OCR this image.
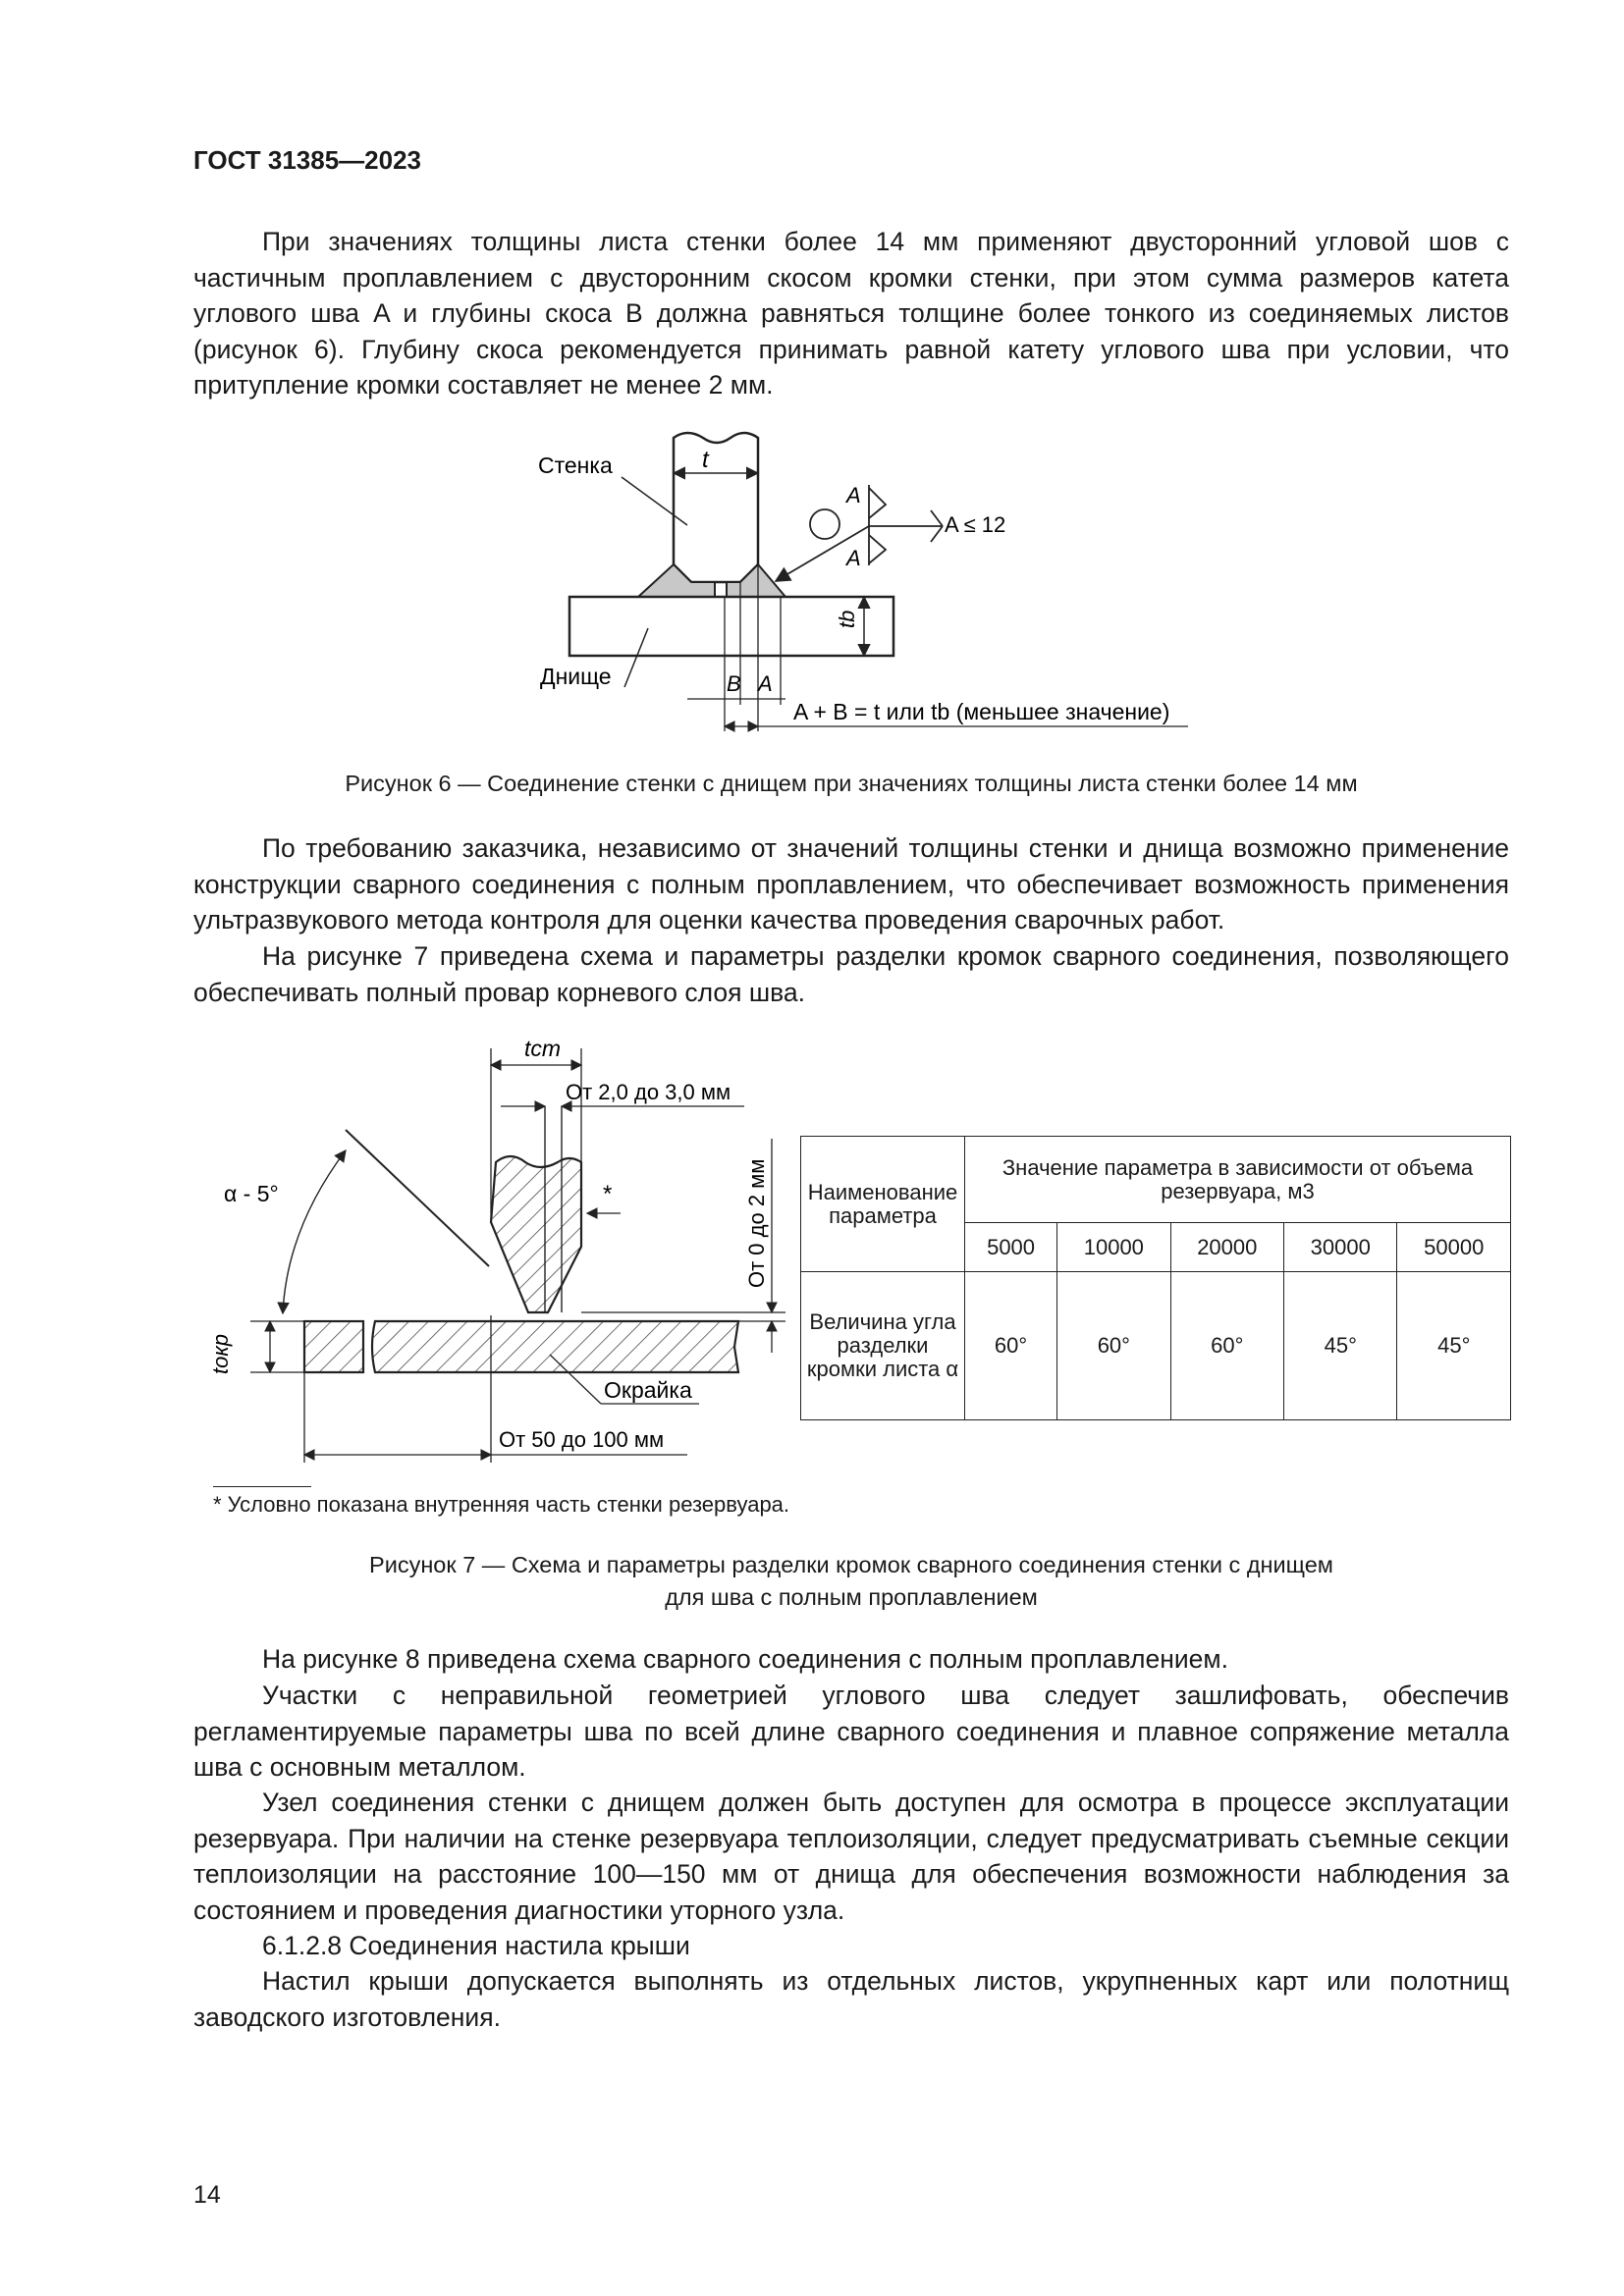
ГОСТ 31385—2023

При значениях толщины листа стенки более 14 мм применяют двусторонний угловой шов с частичным проплавлением с двусторонним скосом кромки стенки, при этом сумма размеров катета углового шва A и глубины скоса B должна равняться толщине более тонкого из соединяемых листов (рисунок 6). Глубину скоса рекомендуется принимать равной катету углового шва при условии, что притупление кромки составляет не менее 2 мм.

t
tb
Стенка
Днище
A
A
A ≤ 12
B A
A + B = t или tb (меньшее значение)
Рисунок 6 — Соединение стенки с днищем при значениях толщины листа стенки более 14 мм

По требованию заказчика, независимо от значений толщины стенки и днища возможно применение конструкции сварного соединения с полным проплавлением, что обеспечивает возможность применения ультразвукового метода контроля для оценки качества проведения сварочных работ.

На рисунке 7 приведена схема и параметры разделки кромок сварного соединения, позволяющего обеспечивать полный провар корневого слоя шва.

tст
От 2,0 до 3,0 мм
*
α - 5°	От 0 до 2 мм
tокр
Окрайка
От 50 до 100 мм
Наименование параметра	Значение параметра в зависимости от объема резервуара, м3				
	5000	10000	20000	30000	50000
Величина угла разделки кромки листа α	60°	60°	60°	45°	45°
* Условно показана внутренняя часть стенки резервуара.
Рисунок 7 — Схема и параметры разделки кромок сварного соединения стенки с днищем
для шва с полным проплавлением

На рисунке 8 приведена схема сварного соединения с полным проплавлением.

Участки с неправильной геометрией углового шва следует зашлифовать, обеспечив регламентируемые параметры шва по всей длине сварного соединения и плавное сопряжение металла шва с основным металлом.

Узел соединения стенки с днищем должен быть доступен для осмотра в процессе эксплуатации резервуара. При наличии на стенке резервуара теплоизоляции, следует предусматривать съемные секции теплоизоляции на расстояние 100—150 мм от днища для обеспечения возможности наблюдения за состоянием и проведения диагностики уторного узла.

6.1.2.8 Соединения настила крыши

Настил крыши допускается выполнять из отдельных листов, укрупненных карт или полотнищ заводского изготовления.

14
